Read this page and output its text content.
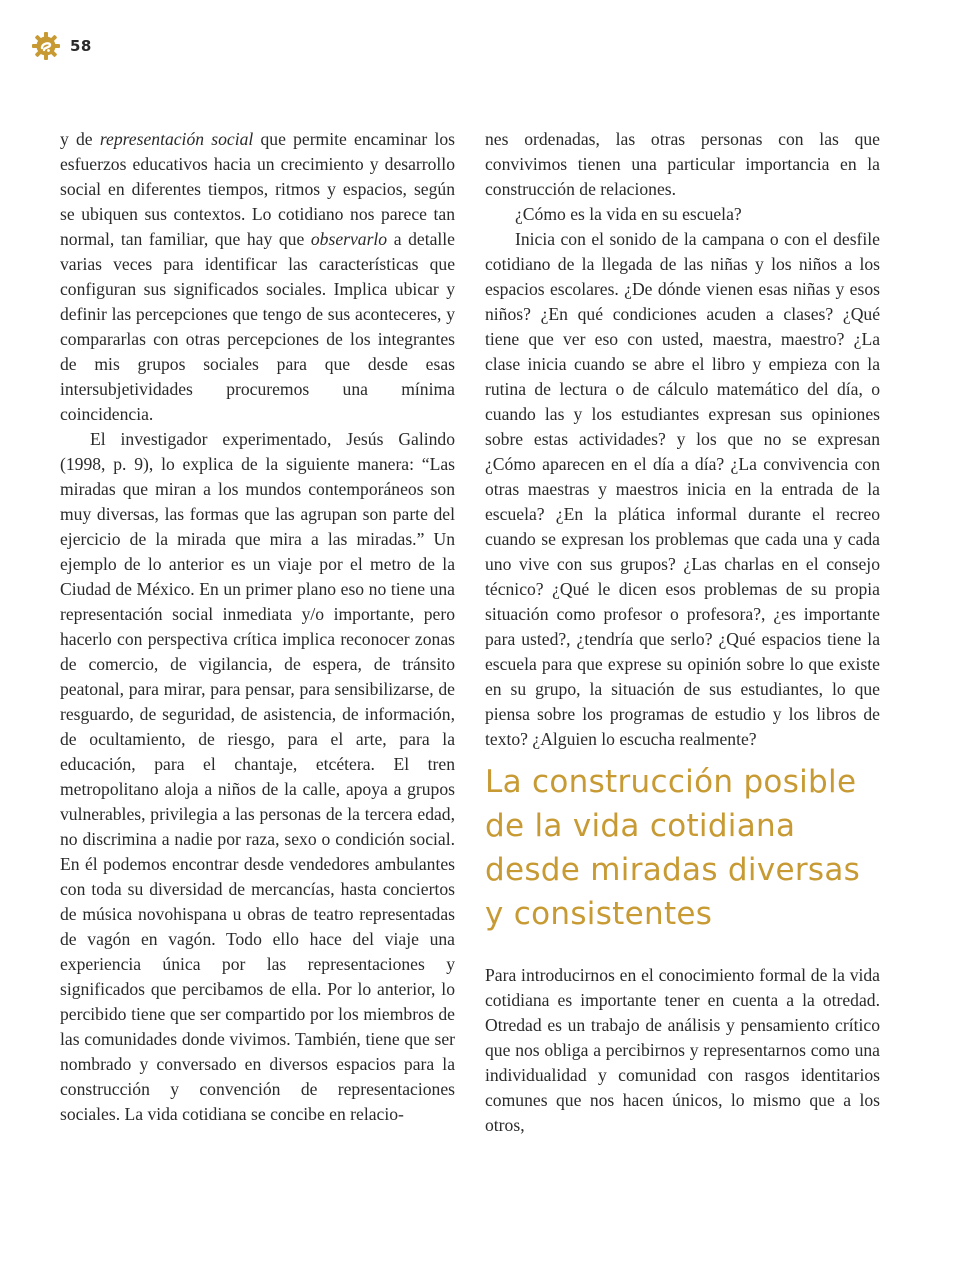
58

y de representación social que permite encaminar los esfuerzos educativos hacia un crecimiento y desarrollo social en diferentes tiempos, ritmos y espacios, según se ubiquen sus contextos. Lo cotidiano nos parece tan normal, tan familiar, que hay que observarlo a detalle varias veces para identificar las características que configuran sus significados sociales. Implica ubicar y definir las percepciones que tengo de sus aconteceres, y compararlas con otras percepciones de los integrantes de mis grupos sociales para que desde esas intersubjetividades procuremos una mínima coincidencia.

El investigador experimentado, Jesús Galindo (1998, p. 9), lo explica de la siguiente manera: “Las miradas que miran a los mundos contemporáneos son muy diversas, las formas que las agrupan son parte del ejercicio de la mirada que mira a las miradas.” Un ejemplo de lo anterior es un viaje por el metro de la Ciudad de México. En un primer plano eso no tiene una representación social inmediata y/o importante, pero hacerlo con perspectiva crítica implica reconocer zonas de comercio, de vigilancia, de espera, de tránsito peatonal, para mirar, para pensar, para sensibilizarse, de resguardo, de seguridad, de asistencia, de información, de ocultamiento, de riesgo, para el arte, para la educación, para el chantaje, etcétera. El tren metropolitano aloja a niños de la calle, apoya a grupos vulnerables, privilegia a las personas de la tercera edad, no discrimina a nadie por raza, sexo o condición social. En él podemos encontrar desde vendedores ambulantes con toda su diversidad de mercancías, hasta conciertos de música novohispana u obras de teatro representadas de vagón en vagón. Todo ello hace del viaje una experiencia única por las representaciones y significados que percibamos de ella. Por lo anterior, lo percibido tiene que ser compartido por los miembros de las comunidades donde vivimos. También, tiene que ser nombrado y conversado en diversos espacios para la construcción y convención de representaciones sociales. La vida cotidiana se concibe en relacio-

nes ordenadas, las otras personas con las que convivimos tienen una particular importancia en la construcción de relaciones.

¿Cómo es la vida en su escuela?

Inicia con el sonido de la campana o con el desfile cotidiano de la llegada de las niñas y los niños a los espacios escolares. ¿De dónde vienen esas niñas y esos niños? ¿En qué condiciones acuden a clases? ¿Qué tiene que ver eso con usted, maestra, maestro? ¿La clase inicia cuando se abre el libro y empieza con la rutina de lectura o de cálculo matemático del día, o cuando las y los estudiantes expresan sus opiniones sobre estas actividades? y los que no se expresan ¿Cómo aparecen en el día a día? ¿La convivencia con otras maestras y maestros inicia en la entrada de la escuela? ¿En la plática informal durante el recreo cuando se expresan los problemas que cada una y cada uno vive con sus grupos? ¿Las charlas en el consejo técnico? ¿Qué le dicen esos problemas de su propia situación como profesor o profesora?, ¿es importante para usted?, ¿tendría que serlo? ¿Qué espacios tiene la escuela para que exprese su opinión sobre lo que existe en su grupo, la situación de sus estudiantes, lo que piensa sobre los programas de estudio y los libros de texto? ¿Alguien lo escucha realmente?

La construcción posible
de la vida cotidiana
desde miradas diversas
y consistentes

Para introducirnos en el conocimiento formal de la vida cotidiana es importante tener en cuenta a la otredad. Otredad es un trabajo de análisis y pensamiento crítico que nos obliga a percibirnos y representarnos como una individualidad y comunidad con rasgos identitarios comunes que nos hacen únicos, lo mismo que a los otros,
